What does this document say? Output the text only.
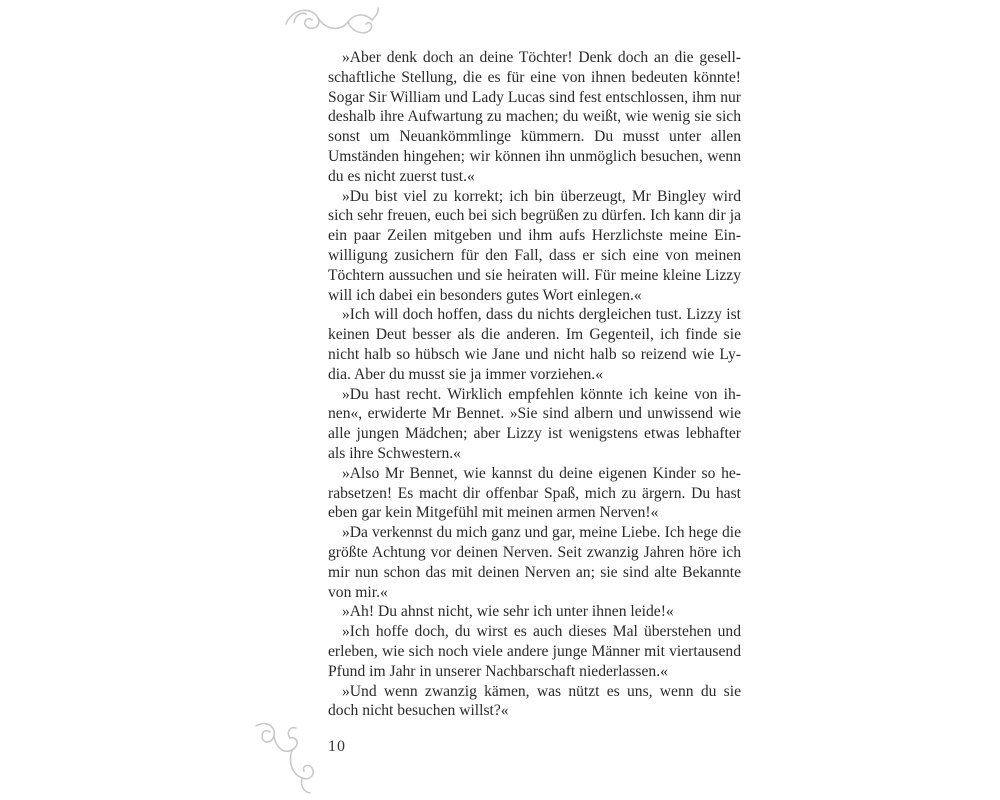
»Aber denk doch an deine Töchter! Denk doch an die gesellschaftliche Stellung, die es für eine von ihnen bedeuten könnte! Sogar Sir William und Lady Lucas sind fest entschlossen, ihm nur deshalb ihre Aufwartung zu machen; du weißt, wie wenig sie sich sonst um Neuankömmlinge kümmern. Du musst unter allen Umständen hingehen; wir können ihn unmöglich besuchen, wenn du es nicht zuerst tust.«

»Du bist viel zu korrekt; ich bin überzeugt, Mr Bingley wird sich sehr freuen, euch bei sich begrüßen zu dürfen. Ich kann dir ja ein paar Zeilen mitgeben und ihm aufs Herzlichste meine Einwilligung zusichern für den Fall, dass er sich eine von meinen Töchtern aussuchen und sie heiraten will. Für meine kleine Lizzy will ich dabei ein besonders gutes Wort einlegen.«

»Ich will doch hoffen, dass du nichts dergleichen tust. Lizzy ist keinen Deut besser als die anderen. Im Gegenteil, ich finde sie nicht halb so hübsch wie Jane und nicht halb so reizend wie Lydia. Aber du musst sie ja immer vorziehen.«

»Du hast recht. Wirklich empfehlen könnte ich keine von ihnen«, erwiderte Mr Bennet. »Sie sind albern und unwissend wie alle jungen Mädchen; aber Lizzy ist wenigstens etwas lebhafter als ihre Schwestern.«

»Also Mr Bennet, wie kannst du deine eigenen Kinder so herabsetzen! Es macht dir offenbar Spaß, mich zu ärgern. Du hast eben gar kein Mitgefühl mit meinen armen Nerven!«

»Da verkennst du mich ganz und gar, meine Liebe. Ich hege die größte Achtung vor deinen Nerven. Seit zwanzig Jahren höre ich mir nun schon das mit deinen Nerven an; sie sind alte Bekannte von mir.«

»Ah! Du ahnst nicht, wie sehr ich unter ihnen leide!«

»Ich hoffe doch, du wirst es auch dieses Mal überstehen und erleben, wie sich noch viele andere junge Männer mit viertausend Pfund im Jahr in unserer Nachbarschaft niederlassen.«

»Und wenn zwanzig kämen, was nützt es uns, wenn du sie doch nicht besuchen willst?«

10
